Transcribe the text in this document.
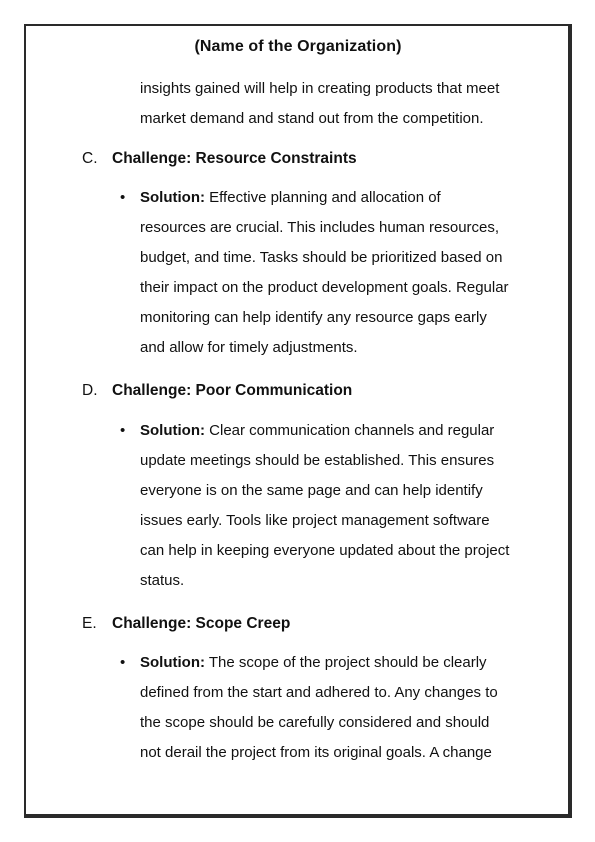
(Name of the Organization)
insights gained will help in creating products that meet
market demand and stand out from the competition.
C. Challenge: Resource Constraints
• Solution: Effective planning and allocation of
resources are crucial. This includes human resources,
budget, and time. Tasks should be prioritized based on
their impact on the product development goals. Regular
monitoring can help identify any resource gaps early
and allow for timely adjustments.
D. Challenge: Poor Communication
• Solution: Clear communication channels and regular
update meetings should be established. This ensures
everyone is on the same page and can help identify
issues early. Tools like project management software
can help in keeping everyone updated about the project
status.
E. Challenge: Scope Creep
• Solution: The scope of the project should be clearly
defined from the start and adhered to. Any changes to
the scope should be carefully considered and should
not derail the project from its original goals. A change
